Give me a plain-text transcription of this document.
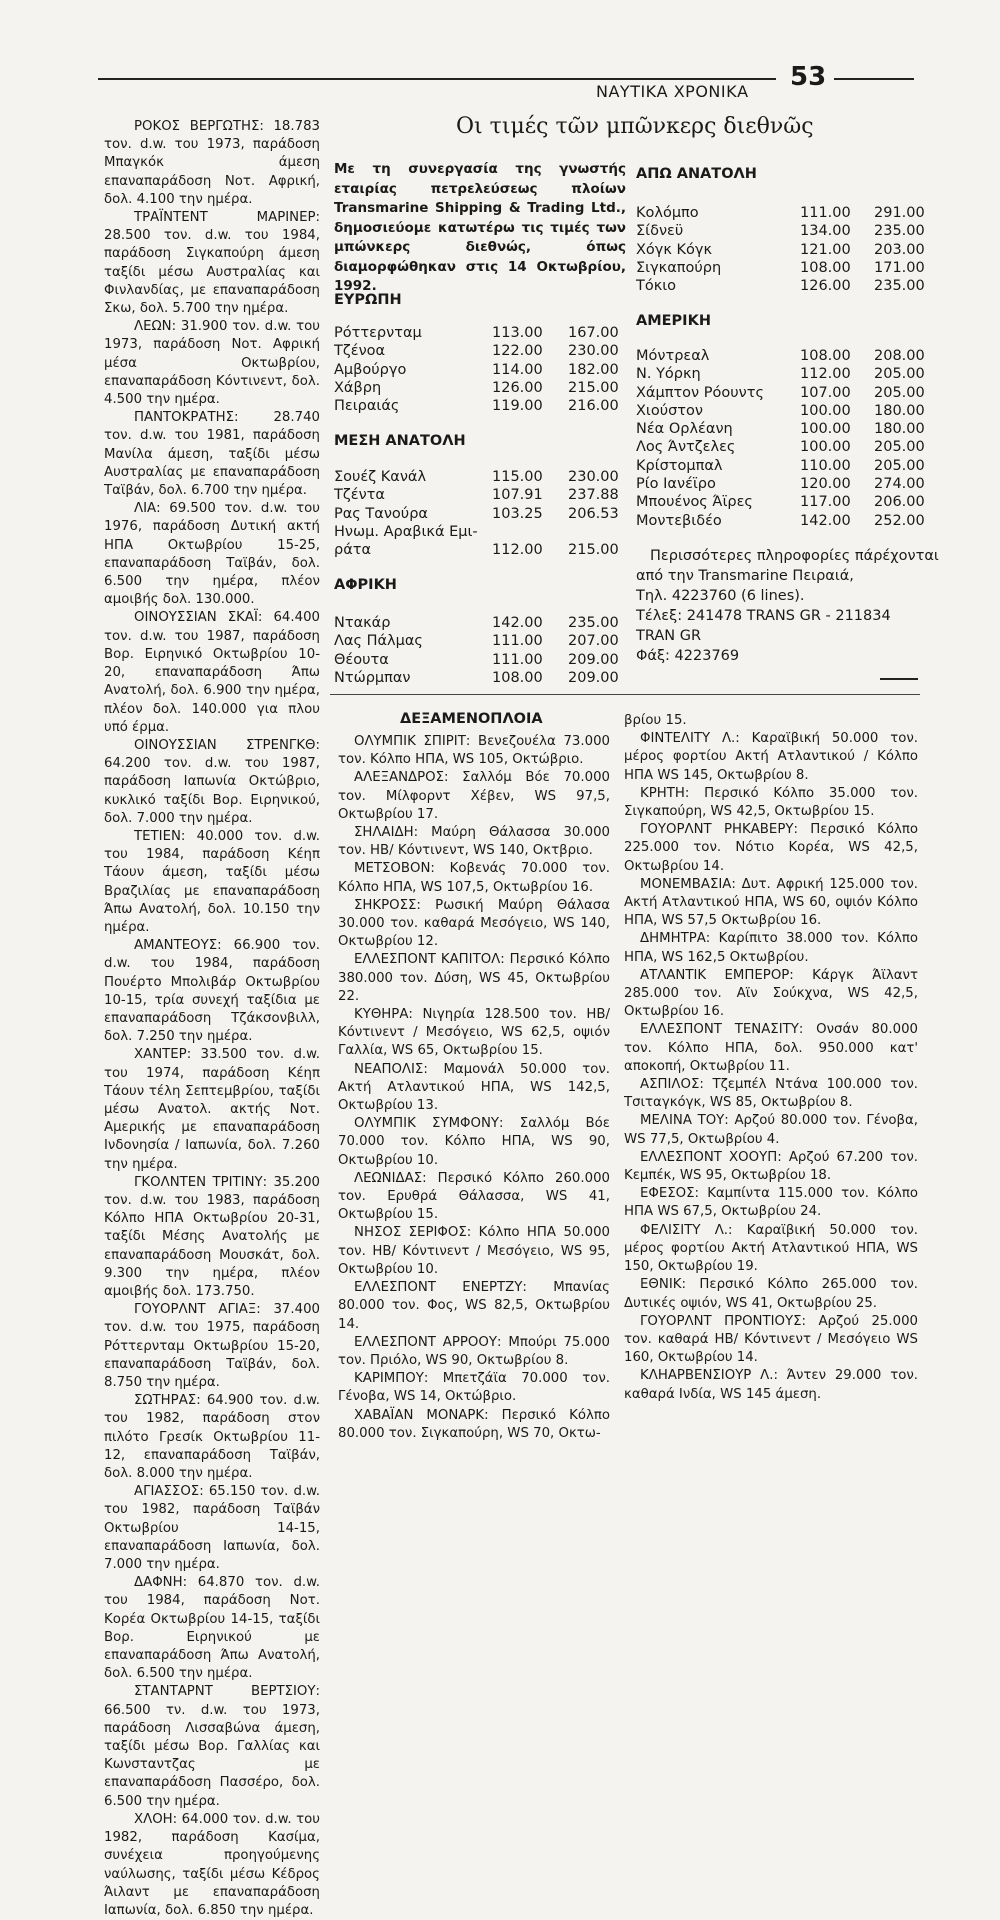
ΝΑΥΤΙΚΑ ΧΡΟΝΙΚΑ 53

ΡΟΚΟΣ ΒΕΡΓΩΤΗΣ: 18.783 τον. d.w. του 1973, παράδοση Μπαγκόκ άμεση επαναπαράδοση Νοτ. Αφρική, δολ. 4.100 την ημέρα.

ΤΡΑΪΝΤΕΝΤ ΜΑΡΙΝΕΡ: 28.500 τον. d.w. του 1984, παράδοση Σιγκαπούρη άμεση ταξίδι μέσω Αυστραλίας και Φινλανδίας, με επαναπαράδοση Σκω, δολ. 5.700 την ημέρα.

ΛΕΩΝ: 31.900 τον. d.w. του 1973, παράδοση Νοτ. Αφρική μέσα Οκτωβρίου, επαναπαράδοση Κόντινεντ, δολ. 4.500 την ημέρα.

ΠΑΝΤΟΚΡΑΤΗΣ: 28.740 τον. d.w. του 1981, παράδοση Μανίλα άμεση, ταξίδι μέσω Αυστραλίας με επαναπαράδοση Ταϊβάν, δολ. 6.700 την ημέρα.

ΛΙΑ: 69.500 τον. d.w. του 1976, παράδοση Δυτική ακτή ΗΠΑ Οκτωβρίου 15-25, επαναπαράδοση Ταϊβάν, δολ. 6.500 την ημέρα, πλέον αμοιβής δολ. 130.000.

ΟΙΝΟΥΣΣΙΑΝ ΣΚΑΪ: 64.400 τον. d.w. του 1987, παράδοση Βορ. Ειρηνικό Οκτωβρίου 10-20, επαναπαράδοση Άπω Ανατολή, δολ. 6.900 την ημέρα, πλέον δολ. 140.000 για πλου υπό έρμα.

ΟΙΝΟΥΣΣΙΑΝ ΣΤΡΕΝΓΚΘ: 64.200 τον. d.w. του 1987, παράδοση Ιαπωνία Οκτώβριο, κυκλικό ταξίδι Βορ. Ειρηνικού, δολ. 7.000 την ημέρα.

ΤΕΤΙΕΝ: 40.000 τον. d.w. του 1984, παράδοση Κέηπ Τάουν άμεση, ταξίδι μέσω Βραζιλίας με επαναπαράδοση Άπω Ανατολή, δολ. 10.150 την ημέρα.

ΑΜΑΝΤΕΟΥΣ: 66.900 τον. d.w. του 1984, παράδοση Πουέρτο Μπολιβάρ Οκτωβρίου 10-15, τρία συνεχή ταξίδια με επαναπαράδοση Τζάκσονβιλλ, δολ. 7.250 την ημέρα.

ΧΑΝΤΕΡ: 33.500 τον. d.w. του 1974, παράδοση Κέηπ Τάουν τέλη Σεπτεμβρίου, ταξίδι μέσω Ανατολ. ακτής Νοτ. Αμερικής με επαναπαράδοση Ινδονησία / Ιαπωνία, δολ. 7.260 την ημέρα.

ΓΚΟΛΝΤΕΝ ΤΡΙΤΙΝΥ: 35.200 τον. d.w. του 1983, παράδοση Κόλπο ΗΠΑ Οκτωβρίου 20-31, ταξίδι Μέσης Ανατολής με επαναπαράδοση Μουσκάτ, δολ. 9.300 την ημέρα, πλέον αμοιβής δολ. 173.750.

ΓΟΥΟΡΛΝΤ ΑΓΙΑΞ: 37.400 τον. d.w. του 1975, παράδοση Ρόττερνταμ Οκτωβρίου 15-20, επαναπαράδοση Ταϊβάν, δολ. 8.750 την ημέρα.

ΣΩΤΗΡΑΣ: 64.900 τον. d.w. του 1982, παράδοση στον πιλότο Γρεσίκ Οκτωβρίου 11-12, επαναπαράδοση Ταϊβάν, δολ. 8.000 την ημέρα.

ΑΓΙΑΣΣΟΣ: 65.150 τον. d.w. του 1982, παράδοση Ταϊβάν Οκτωβρίου 14-15, επαναπαράδοση Ιαπωνία, δολ. 7.000 την ημέρα.

ΔΑΦΝΗ: 64.870 τον. d.w. του 1984, παράδοση Νοτ. Κορέα Οκτωβρίου 14-15, ταξίδι Βορ. Ειρηνικού με επαναπαράδοση Άπω Ανατολή, δολ. 6.500 την ημέρα.

ΣΤΑΝΤΑΡΝΤ ΒΕΡΤΣΙΟΥ: 66.500 τν. d.w. του 1973, παράδοση Λισσαβώνα άμεση, ταξίδι μέσω Βορ. Γαλλίας και Κωνσταντζας με επαναπαράδοση Πασσέρο, δολ. 6.500 την ημέρα.

ΧΛΟΗ: 64.000 τον. d.w. του 1982, παράδοση Κασίμα, συνέχεια προηγούμενης ναύλωσης, ταξίδι μέσω Κέδρος Άιλαντ με επαναπαράδοση Ιαπωνία, δολ. 6.850 την ημέρα.

Οι τιμές τῶν μπῶνκερς διεθνῶς
Με τη συνεργασία της γνωστής εταιρίας πετρελεύσεως πλοίων Transmarine Shipping & Trading Ltd., δημοσιεύομε κατωτέρω τις τιμές των μπώνκερς διεθνώς, όπως διαμορφώθηκαν στις 14 Οκτωβρίου, 1992.
ΕΥΡΩΠΗ
Ρόττερνταμ	113.00 167.00
Τζένοα	122.00 230.00
Αμβούργο	114.00 182.00
Χάβρη	126.00 215.00
Πειραιάς	119.00 216.00
ΜΕΣΗ ΑΝΑΤΟΛΗ
Σουέζ Κανάλ	115.00 230.00
Τζέντα	107.91 237.88
Ρας Τανούρα	103.25 206.53
Ηνωμ. Αραβικά Εμι-
ράτα	112.00 215.00
ΑΦΡΙΚΗ
Ντακάρ	142.00 235.00
Λας Πάλμας	111.00 207.00
Θέουτα	111.00 209.00
Ντώρμπαν	108.00 209.00
ΑΠΩ ΑΝΑΤΟΛΗ
Κολόμπο	111.00 291.00
Σίδνεϋ	134.00 235.00
Χόγκ Κόγκ	121.00 203.00
Σιγκαπούρη	108.00 171.00
Τόκιο	126.00 235.00
ΑΜΕΡΙΚΗ
Μόντρεαλ	108.00 208.00
Ν. Υόρκη	112.00 205.00
Χάμπτον Ρόουντς 107.00 205.00
Χιούστον	100.00 180.00
Νέα Ορλέανη	100.00 180.00
Λος Άντζελες	100.00 205.00
Κρίστομπαλ	110.00 205.00
Ρίο Ιανέϊρο	120.00 274.00
Μπουένος Άϊρες	117.00 206.00
Μοντεβιδέο	142.00 252.00
Περισσότερες πληροφορίες πάρέχονται
από την Transmarine Πειραιά,
Τηλ. 4223760 (6 lines).
Τέλεξ: 241478 TRANS GR - 211834
TRAN GR
Φάξ: 4223769
ΔΕΞΑΜΕΝΟΠΛΟΙΑ

ΟΛΥΜΠΙΚ ΣΠΙΡΙΤ: Βενεζουέλα 73.000 τον. Κόλπο ΗΠΑ, WS 105, Οκτώβριο.

ΑΛΕΞΑΝΔΡΟΣ: Σαλλόμ Βόε 70.000 τον. Μίλφορντ Χέβεν, WS 97,5, Οκτωβρίου 17.

ΣΗΛΑΙΔΗ: Μαύρη Θάλασσα 30.000 τον. ΗΒ/ Κόντινεντ, WS 140, Οκτβριο.

ΜΕΤΣΟΒΟΝ: Κοβενάς 70.000 τον. Κόλπο ΗΠΑ, WS 107,5, Οκτωβρίου 16.

ΣΗΚΡΟΣΣ: Ρωσική Μαύρη Θάλασα 30.000 τον. καθαρά Μεσόγειο, WS 140, Οκτωβρίου 12.

ΕΛΛΕΣΠΟΝΤ ΚΑΠΙΤΟΛ: Περσικό Κόλπο 380.000 τον. Δύση, WS 45, Οκτωβρίου 22.

ΚΥΘΗΡΑ: Νιγηρία 128.500 τον. ΗΒ/ Κόντινεντ / Μεσόγειο, WS 62,5, οψιόν Γαλλία, WS 65, Οκτωβρίου 15.

ΝΕΑΠΟΛΙΣ: Μαμονάλ 50.000 τον. Ακτή Ατλαντικού ΗΠΑ, WS 142,5, Οκτωβρίου 13.

ΟΛΥΜΠΙΚ ΣΥΜΦΟΝΥ: Σαλλόμ Βόε 70.000 τον. Κόλπο ΗΠΑ, WS 90, Οκτωβρίου 10.

ΛΕΩΝΙΔΑΣ: Περσικό Κόλπο 260.000 τον. Ερυθρά Θάλασσα, WS 41, Οκτωβρίου 15.

ΝΗΣΟΣ ΣΕΡΙΦΟΣ: Κόλπο ΗΠΑ 50.000 τον. ΗΒ/ Κόντινεντ / Μεσόγειο, WS 95, Οκτωβρίου 10.

ΕΛΛΕΣΠΟΝΤ ΕΝΕΡΤΖΥ: Μπανίας 80.000 τον. Φος, WS 82,5, Οκτωβρίου 14.

ΕΛΛΕΣΠΟΝΤ ΑΡΡΟΟΥ: Μπούρι 75.000 τον. Πριόλο, WS 90, Οκτωβρίου 8.

ΚΑΡΙΜΠΟΥ: Μπετζάϊα 70.000 τον. Γένοβα, WS 14, Οκτώβριο.

ΧΑΒΑΪΑΝ ΜΟΝΑΡΚ: Περσικό Κόλπο 80.000 τον. Σιγκαπούρη, WS 70, Οκτω-

βρίου 15.

ΦΙΝΤΕΛΙΤΥ Λ.: Καραϊβική 50.000 τον. μέρος φορτίου Ακτή Ατλαντικού / Κόλπο ΗΠΑ WS 145, Οκτωβρίου 8.

ΚΡΗΤΗ: Περσικό Κόλπο 35.000 τον. Σιγκαπούρη, WS 42,5, Οκτωβρίου 15.

ΓΟΥΟΡΛΝΤ ΡΗΚΑΒΕΡΥ: Περσικό Κόλπο 225.000 τον. Νότιο Κορέα, WS 42,5, Οκτωβρίου 14.

ΜΟΝΕΜΒΑΣΙΑ: Δυτ. Αφρική 125.000 τον. Ακτή Ατλαντικού ΗΠΑ, WS 60, οψιόν Κόλπο ΗΠΑ, WS 57,5 Οκτωβρίου 16.

ΔΗΜΗΤΡΑ: Καρίπιτο 38.000 τον. Κόλπο ΗΠΑ, WS 162,5 Οκτωβρίου.

ΑΤΛΑΝΤΙΚ ΕΜΠΕΡΟΡ: Κάργκ Άϊλαντ 285.000 τον. Αϊν Σούκχνα, WS 42,5, Οκτωβρίου 16.

ΕΛΛΕΣΠΟΝΤ ΤΕΝΑΣΙΤΥ: Ονσάν 80.000 τον. Κόλπο ΗΠΑ, δολ. 950.000 κατ' αποκοπή, Οκτωβρίου 11.

ΑΣΠΙΛΟΣ: Τζεμπέλ Ντάνα 100.000 τον. Τσιταγκόγκ, WS 85, Οκτωβρίου 8.

ΜΕΛΙΝΑ ΤΟΥ: Αρζού 80.000 τον. Γένοβα, WS 77,5, Οκτωβρίου 4.

ΕΛΛΕΣΠΟΝΤ ΧΟΟΥΠ: Αρζού 67.200 τον. Κεμπέκ, WS 95, Οκτωβρίου 18.

ΕΦΕΣΟΣ: Καμπίντα 115.000 τον. Κόλπο ΗΠΑ WS 67,5, Οκτωβρίου 24.

ΦΕΛΙΣΙΤΥ Λ.: Καραϊβική 50.000 τον. μέρος φορτίου Ακτή Ατλαντικού ΗΠΑ, WS 150, Οκτωβρίου 19.

ΕΘΝΙΚ: Περσικό Κόλπο 265.000 τον. Δυτικές οψιόν, WS 41, Οκτωβρίου 25.

ΓΟΥΟΡΛΝΤ ΠΡΟΝΤΙΟΥΣ: Αρζού 25.000 τον. καθαρά ΗΒ/ Κόντινεντ / Μεσόγειο WS 160, Οκτωβρίου 14.

ΚΛΗΑΡΒΕΝΣΙΟΥΡ Λ.: Άντεν 29.000 τον. καθαρά Ινδία, WS 145 άμεση.
